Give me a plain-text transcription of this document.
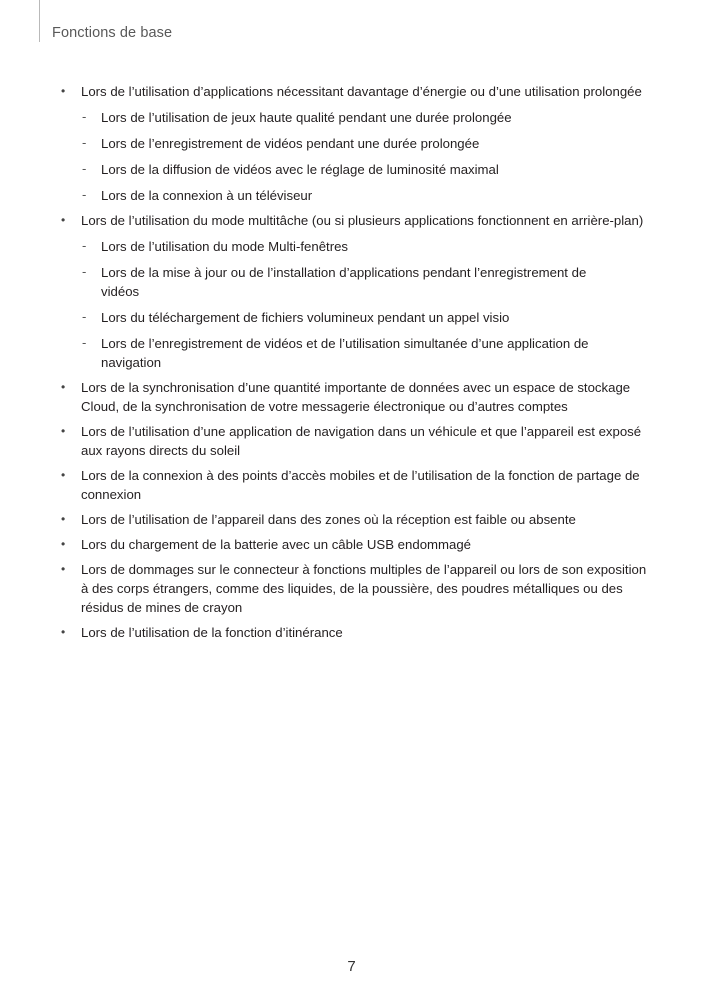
Fonctions de base
• Lors de l’utilisation d’applications nécessitant davantage d’énergie ou d’une utilisation prolongée
- Lors de l’utilisation de jeux haute qualité pendant une durée prolongée
- Lors de l’enregistrement de vidéos pendant une durée prolongée
- Lors de la diffusion de vidéos avec le réglage de luminosité maximal
- Lors de la connexion à un téléviseur
• Lors de l’utilisation du mode multitâche (ou si plusieurs applications fonctionnent en arrière-plan)
- Lors de l’utilisation du mode Multi-fenêtres
- Lors de la mise à jour ou de l’installation d’applications pendant l’enregistrement de vidéos
- Lors du téléchargement de fichiers volumineux pendant un appel visio
- Lors de l’enregistrement de vidéos et de l’utilisation simultanée d’une application de navigation
• Lors de la synchronisation d’une quantité importante de données avec un espace de stockage Cloud, de la synchronisation de votre messagerie électronique ou d’autres comptes
• Lors de l’utilisation d’une application de navigation dans un véhicule et que l’appareil est exposé aux rayons directs du soleil
• Lors de la connexion à des points d’accès mobiles et de l’utilisation de la fonction de partage de connexion
• Lors de l’utilisation de l’appareil dans des zones où la réception est faible ou absente
• Lors du chargement de la batterie avec un câble USB endommagé
• Lors de dommages sur le connecteur à fonctions multiples de l’appareil ou lors de son exposition à des corps étrangers, comme des liquides, de la poussière, des poudres métalliques ou des résidus de mines de crayon
• Lors de l’utilisation de la fonction d’itinérance
7
